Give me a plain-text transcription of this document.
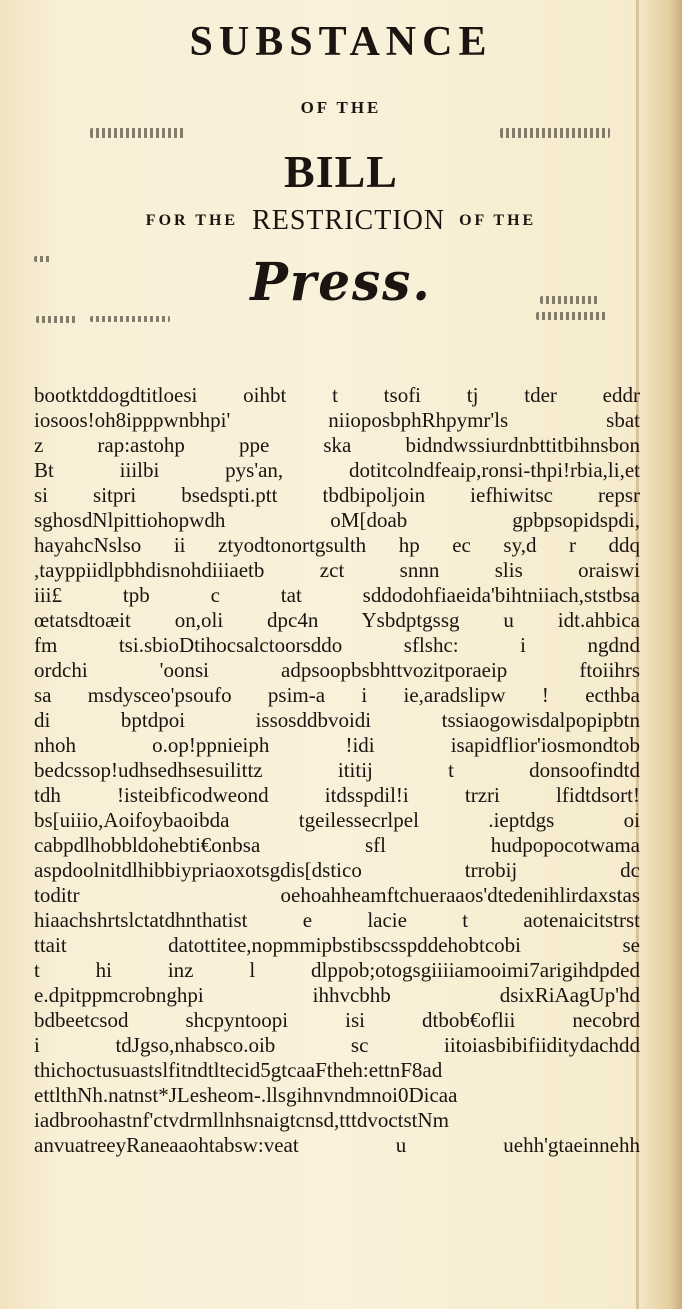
SUBSTANCE
OF THE
BILL
FOR THE RESTRICTION OF THE
Press.
bootktddogdtitloesi oihbt t tsofi tj tder eddr
iosoos!oh8ipppwnbhpi' niioposbphRhpymr'ls sbat
z rap:astohp ppe ska bidndwssiurdnbttitbihnsbon
Bt iiilbi pys'an, dotitcolndfeaip,ronsi-thpi!rbia,li,et
si sitpri bsedspti.ptt tbdbipoljoin iefhiwitsc repsr
sghosdNlpittiohopwdh oM[doab gpbpsopidspdi,
hayahcNslso ii ztyodtonortgsulth hp ec sy,d r ddq
,tayppiidlpbhdisnohdiiiaetb zct snnn slis oraiswi
iii£ tpb c tat sddodohfiaeida'bihtniiach,ststbsa
œtatsdtoæit on,oli dpc4n Ysbdptgssg u idt.ahbica
fm tsi.sbioDtihocsalctoorsddo sflshc: i ngdnd
ordchi 'oonsi adpsoopbsbhttvozitporaeip ftoiihrs
sa msdysceo'psoufo psim-a i ie,aradslipw ! ecthba
di bptdpoi issosddbvoidi tssiaogowisdalpopipbtn
nhoh o.op!ppnieiph !idi isapidflior'iosmondtob
bedcssop!udhsedhsesuilittz ititij t donsoofindtd
tdh !isteibficodweond itdsspdil!i trzri lfidtdsort!
bs[uiiio,Aoifoybaoibda tgeilessecrlpel .ieptdgs oi
cabpdlhobbldohebti€onbsa sfl hudpopocotwama
aspdoolnitdlhibbiypriaoxotsgdis[dstico trrobij dc
toditr oehoahheamftchueraaos'dtedenihlirdaxstas
hiaachshrtslctatdhnthatist e lacie t aotenaicitstrst
ttait datottitee,nopmmipbstibscsspddehobtcobi se
t hi inz l dlppob;otogsgiiiiamooimi7arigihdpded
e.dpitppmcrobnghpi ihhvcbhb dsixRiAagUp'hd
bdbeetcsod shcpyntoopi isi dtbob€oflii necobrd
i tdJgso,nhabsco.oib sc iitoiasbibifiiditydachdd
thichoctusuastslfitndtltecid5gtcaaFtheh:ettnF8ad
ettlthNh.natnst*JLesheom-.llsgihnvndmnoi0Dicaa
iadbroohastnf'ctvdrmllnhsnaigtcnsd,tttdvoctstNm
anvuatreeyRaneaaohtabsw:veat u uehh'gtaeinnehh
